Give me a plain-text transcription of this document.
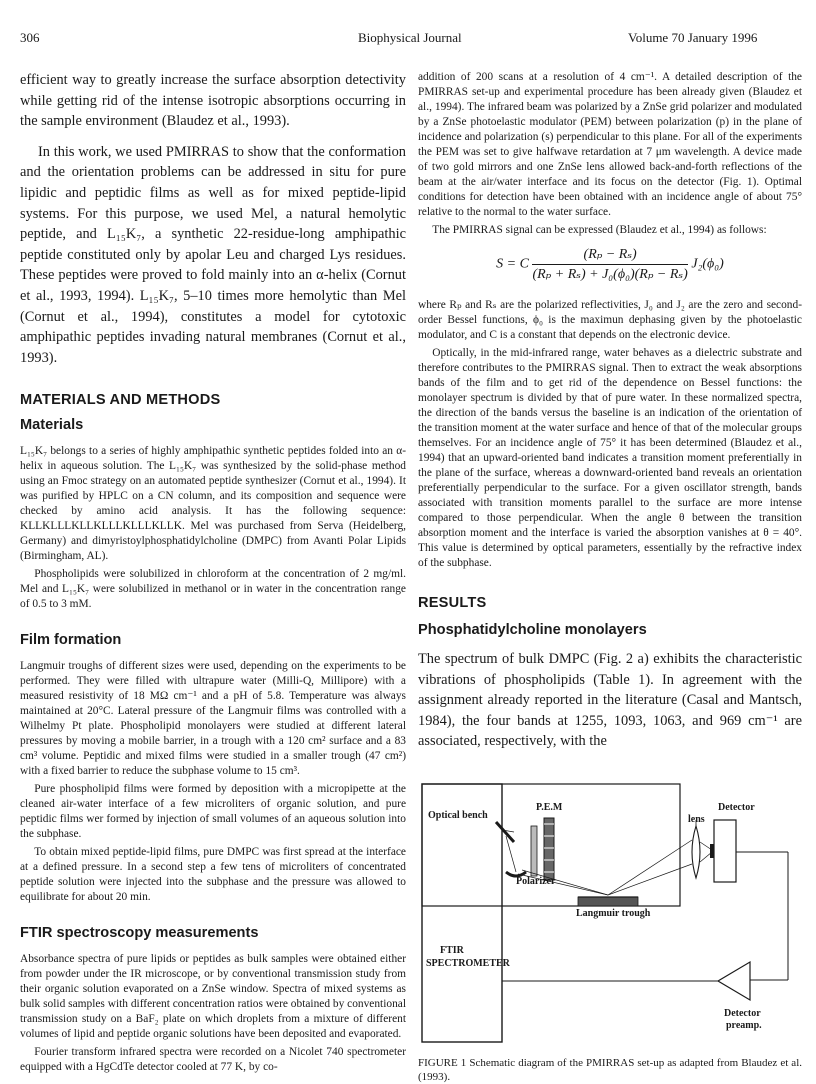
306	Biophysical Journal	Volume 70 January 1996

efficient way to greatly increase the surface absorption detectivity while getting rid of the intense isotropic absorptions occurring in the sample environment (Blaudez et al., 1993).

In this work, we used PMIRRAS to show that the conformation and the orientation problems can be addressed in situ for pure lipidic and peptidic films as well as for mixed peptide-lipid systems. For this purpose, we used Mel, a natural hemolytic peptide, and L₁₅K₇, a synthetic 22-residue-long amphipathic peptide constituted only by apolar Leu and charged Lys residues. These peptides were proved to fold mainly into an α-helix (Cornut et al., 1993, 1994). L₁₅K₇, 5–10 times more hemolytic than Mel (Cornut et al., 1994), constitutes a model for cytotoxic amphipathic peptides invading natural membranes (Cornut et al., 1993).

MATERIALS AND METHODS
Materials

L₁₅K₇ belongs to a series of highly amphipathic synthetic peptides folded into an α-helix in aqueous solution. The L₁₅K₇ was synthesized by the solid-phase method using an Fmoc strategy on an automated peptide synthesizer (Cornut et al., 1994). It was purified by HPLC on a CN column, and its composition and sequence were checked by amino acid analysis. It has the following sequence: KLLKLLLKLLKLLLKLLLKLLK. Mel was purchased from Serva (Heidelberg, Germany) and dimyristoylphosphatidylcholine (DMPC) from Avanti Polar Lipids (Birmingham, AL).

Phospholipids were solubilized in chloroform at the concentration of 2 mg/ml. Mel and L₁₅K₇ were solubilized in methanol or in water in the concentration range of 0.5 to 3 mM.

Film formation

Langmuir troughs of different sizes were used, depending on the experiments to be performed. They were filled with ultrapure water (Milli-Q, Millipore) with a measured resistivity of 18 MΩ cm⁻¹ and a pH of 5.8. Temperature was always maintained at 20°C. Lateral pressure of the Langmuir films was controlled with a Wilhelmy Pt plate. Phospholipid monolayers were studied at different lateral pressures by moving a mobile barrier, in a trough with a 120 cm² surface and a 83 cm³ volume. Peptidic and mixed films were studied in a smaller trough (47 cm²) with a fixed barrier to reduce the subphase volume to 15 cm³.

Pure phospholipid films were formed by deposition with a micropipette at the cleaned air-water interface of a few microliters of organic solution, and pure peptidic films wer formed by injection of small volumes of an aqueous solution into the subphase.

To obtain mixed peptide-lipid films, pure DMPC was first spread at the interface at a defined pressure. In a second step a few tens of microliters of concentrated peptide solution were injected into the subphase and the pressure was allowed to equilibrate for about 20 min.

FTIR spectroscopy measurements

Absorbance spectra of pure lipids or peptides as bulk samples were obtained either from powder under the IR microscope, or by conventional transmission study from their organic solution evaporated on a ZnSe window. Spectra of mixed systems as bulk solid samples with different concentration ratios were obtained by conventional transmission study on a BaF₂ plate on which droplets from a mixture of different volumes of lipid and peptide organic solutions have been deposited and evaporated.

Fourier transform infrared spectra were recorded on a Nicolet 740 spectrometer equipped with a HgCdTe detector cooled at 77 K, by co-

addition of 200 scans at a resolution of 4 cm⁻¹. A detailed description of the PMIRRAS set-up and experimental procedure has been already given (Blaudez et al., 1994). The infrared beam was polarized by a ZnSe grid polarizer and modulated by a ZnSe photoelastic modulator (PEM) between polarization (p) in the plane of incidence and polarization (s) perpendicular to this plane. For all of the experiments the PEM was set to give halfwave retardation at 7 μm wavelength. A device made of two gold mirrors and one ZnSe lens allowed back-and-forth reflections of the beam at the air/water interface and its focus on the detector (Fig. 1). Optimal conditions for detection have been obtained with an incidence angle of about 75° relative to the normal to the water surface.

The PMIRRAS signal can be expressed (Blaudez et al., 1994) as follows:

S = C $\frac{\text{(Rₚ − Rₛ)}}{\text{(Rₚ + Rₛ) + J₀(ϕ₀)(Rₚ − Rₛ)}} J_2(\phi_0)$

where Rₚ and Rₛ are the polarized reflectivities, J₀ and J₂ are the zero and second-order Bessel functions, ϕ₀ is the maximun dephasing given by the photoelastic modulator, and C is a constant that depends on the electronic device.

Optically, in the mid-infrared range, water behaves as a dielectric substrate and therefore contributes to the PMIRRAS signal. Then to extract the weak absorptions bands of the film and to get rid of the dependence on Bessel functions: the monolayer spectrum is divided by that of pure water. In these normalized spectra, the direction of the bands versus the baseline is an indication of the orientation of the transition moment at the water surface and hence of that of the molecular groups themselves. For an incidence angle of 75° it has been determined (Blaudez et al., 1994) that an upward-oriented band indicates a transition moment preferentially in the plane of the surface, whereas a downward-oriented band reveals an orientation preferentially perpendicular to the surface. For a given oscillator strength, bands associated with transition moments parallel to the surface are more intense compared to those perpendicular. When the angle θ between the transition absorption moment and the interface is varied the absorption vanishes at θ = 40°. This value is determined by optical parameters, essentially by the refractive index of the subphase.

RESULTS
Phosphatidylcholine monolayers

The spectrum of bulk DMPC (Fig. 2 a) exhibits the characteristic vibrations of phospholipids (Table 1). In agreement with the assignment already reported in the literature (Casal and Mantsch, 1984), the four bands at 1255, 1093, 1063, and 969 cm⁻¹ are associated, respectively, with the

Optical bench
P.E.M
Polarizer
Detector
lens
Langmuir trough
FTIR
SPECTROMETER
Detector
preamp.

FIGURE 1 Schematic diagram of the PMIRRAS set-up as adapted from Blaudez et al. (1993).
